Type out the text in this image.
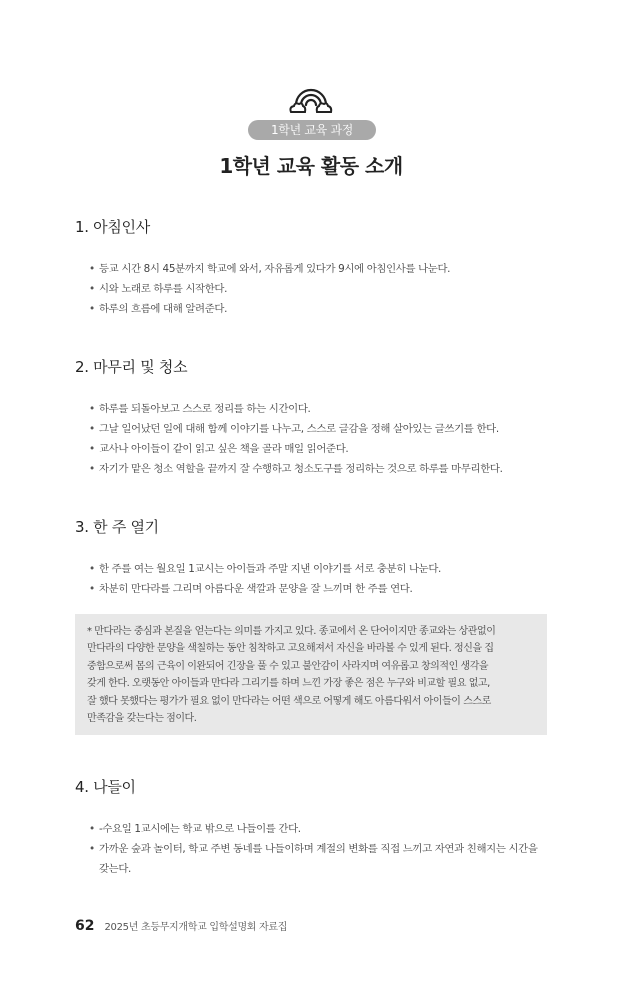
1학년 교육 과정
1학년 교육 활동 소개
1. 아침인사
• 등교 시간 8시 45분까지 학교에 와서, 자유롭게 있다가 9시에 아침인사를 나눈다.
• 시와 노래로 하루를 시작한다.
• 하루의 흐름에 대해 알려준다.
2. 마무리 및 청소
• 하루를 되돌아보고 스스로 정리를 하는 시간이다.
• 그날 일어났던 일에 대해 함께 이야기를 나누고, 스스로 글감을 정해 살아있는 글쓰기를 한다.
• 교사나 아이들이 같이 읽고 싶은 책을 골라 매일 읽어준다.
• 자기가 맡은 청소 역할을 끝까지 잘 수행하고 청소도구를 정리하는 것으로 하루를 마무리한다.
3. 한 주 열기
• 한 주를 여는 월요일 1교시는 아이들과 주말 지낸 이야기를 서로 충분히 나눈다.
• 차분히 만다라를 그리며 아름다운 색깔과 문양을 잘 느끼며 한 주를 연다.
* 만다라는 중심과 본질을 얻는다는 의미를 가지고 있다. 종교에서 온 단어이지만 종교와는 상관없이
만다라의 다양한 문양을 색칠하는 동안 침착하고 고요해져서 자신을 바라볼 수 있게 된다. 정신을 집
중함으로써 몸의 근육이 이완되어 긴장을 풀 수 있고 불안감이 사라지며 여유롭고 창의적인 생각을
갖게 한다. 오랫동안 아이들과 만다라 그리기를 하며 느낀 가장 좋은 점은 누구와 비교할 필요 없고,
잘 했다 못했다는 평가가 필요 없이 만다라는 어떤 색으로 어떻게 해도 아름다워서 아이들이 스스로
만족감을 갖는다는 점이다.
4. 나들이
• -수요일 1교시에는 학교 밖으로 나들이를 간다.
• 가까운 숲과 놀이터, 학교 주변 동네를 나들이하며 계절의 변화를 직접 느끼고 자연과 친해지는 시간을 갖는다.
62 2025년 초등무지개학교 입학설명회 자료집
